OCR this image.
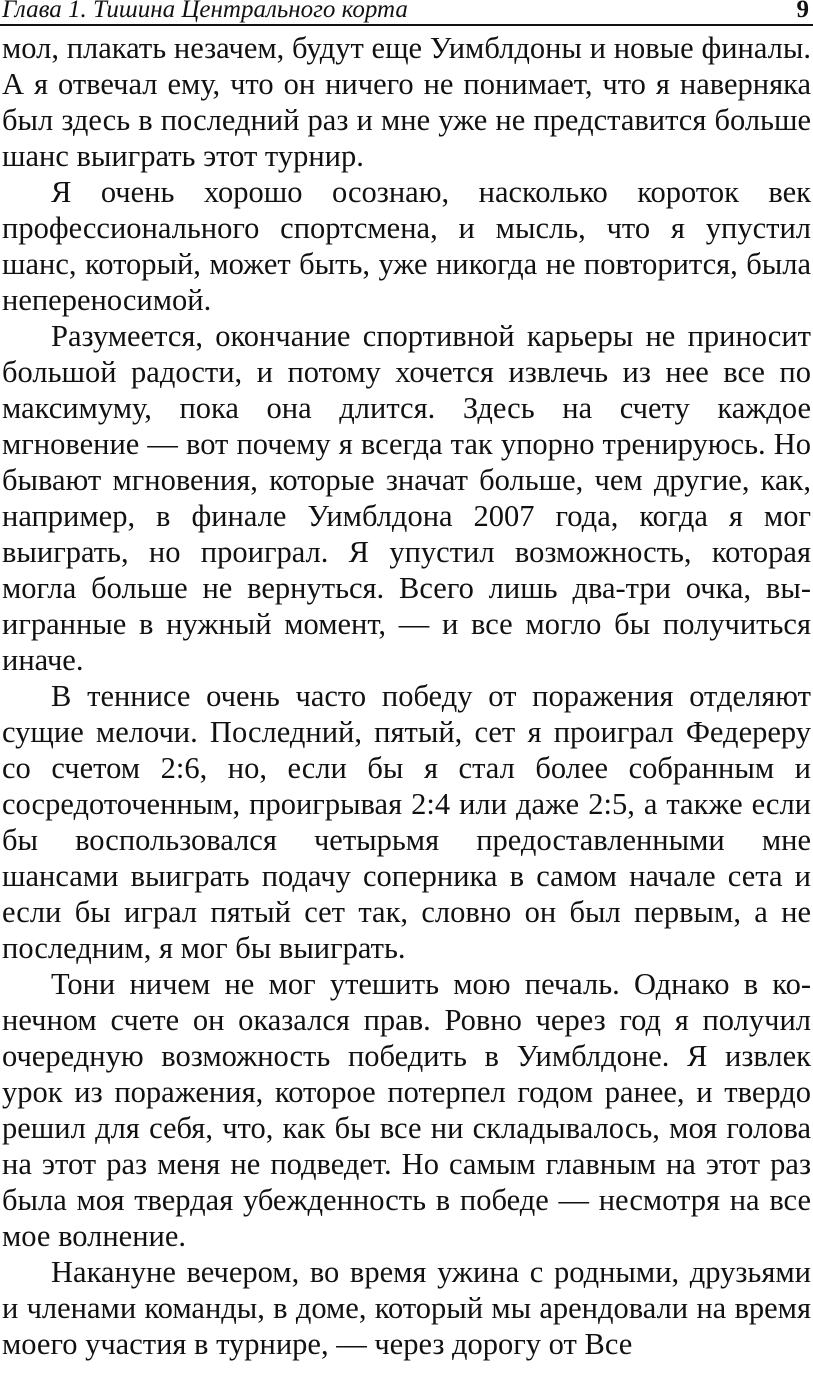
Глава 1. Тишина Центрального корта	9

мол, плакать незачем, будут еще Уимблдоны и новые финалы. А я отвечал ему, что он ничего не понимает, что я наверняка был здесь в последний раз и мне уже не представится больше шанс выиграть этот турнир.

Я очень хорошо осознаю, насколько короток век профессионального спортсмена, и мысль, что я упустил шанс, который, может быть, уже никогда не повторится, была непереносимой.

Разумеется, окончание спортивной карьеры не приносит большой радости, и потому хочется извлечь из нее все по максимуму, пока она длится. Здесь на счету каждое мгновение — вот почему я всегда так упорно тренируюсь. Но бывают мгновения, которые значат больше, чем другие, как, например, в финале Уимблдона 2007 года, когда я мог выиграть, но проиграл. Я упустил возможность, которая могла больше не вернуться. Всего лишь два-три очка, выигранные в нужный момент, — и все могло бы получиться иначе.

В теннисе очень часто победу от поражения отделяют сущие мелочи. Последний, пятый, сет я проиграл Федереру со счетом 2:6, но, если бы я стал более собранным и сосредоточенным, проигрывая 2:4 или даже 2:5, а также если бы воспользовался четырьмя предоставленными мне шансами выиграть подачу соперника в самом начале сета и если бы играл пятый сет так, словно он был первым, а не последним, я мог бы выиграть.

Тони ничем не мог утешить мою печаль. Однако в конечном счете он оказался прав. Ровно через год я получил очередную возможность победить в Уимблдоне. Я извлек урок из поражения, которое потерпел годом ранее, и твердо решил для себя, что, как бы все ни складывалось, моя голова на этот раз меня не подведет. Но самым главным на этот раз была моя твердая убежденность в победе — несмотря на все мое волнение.

Накануне вечером, во время ужина с родными, друзьями и членами команды, в доме, который мы арендовали на время моего участия в турнире, — через дорогу от Все
